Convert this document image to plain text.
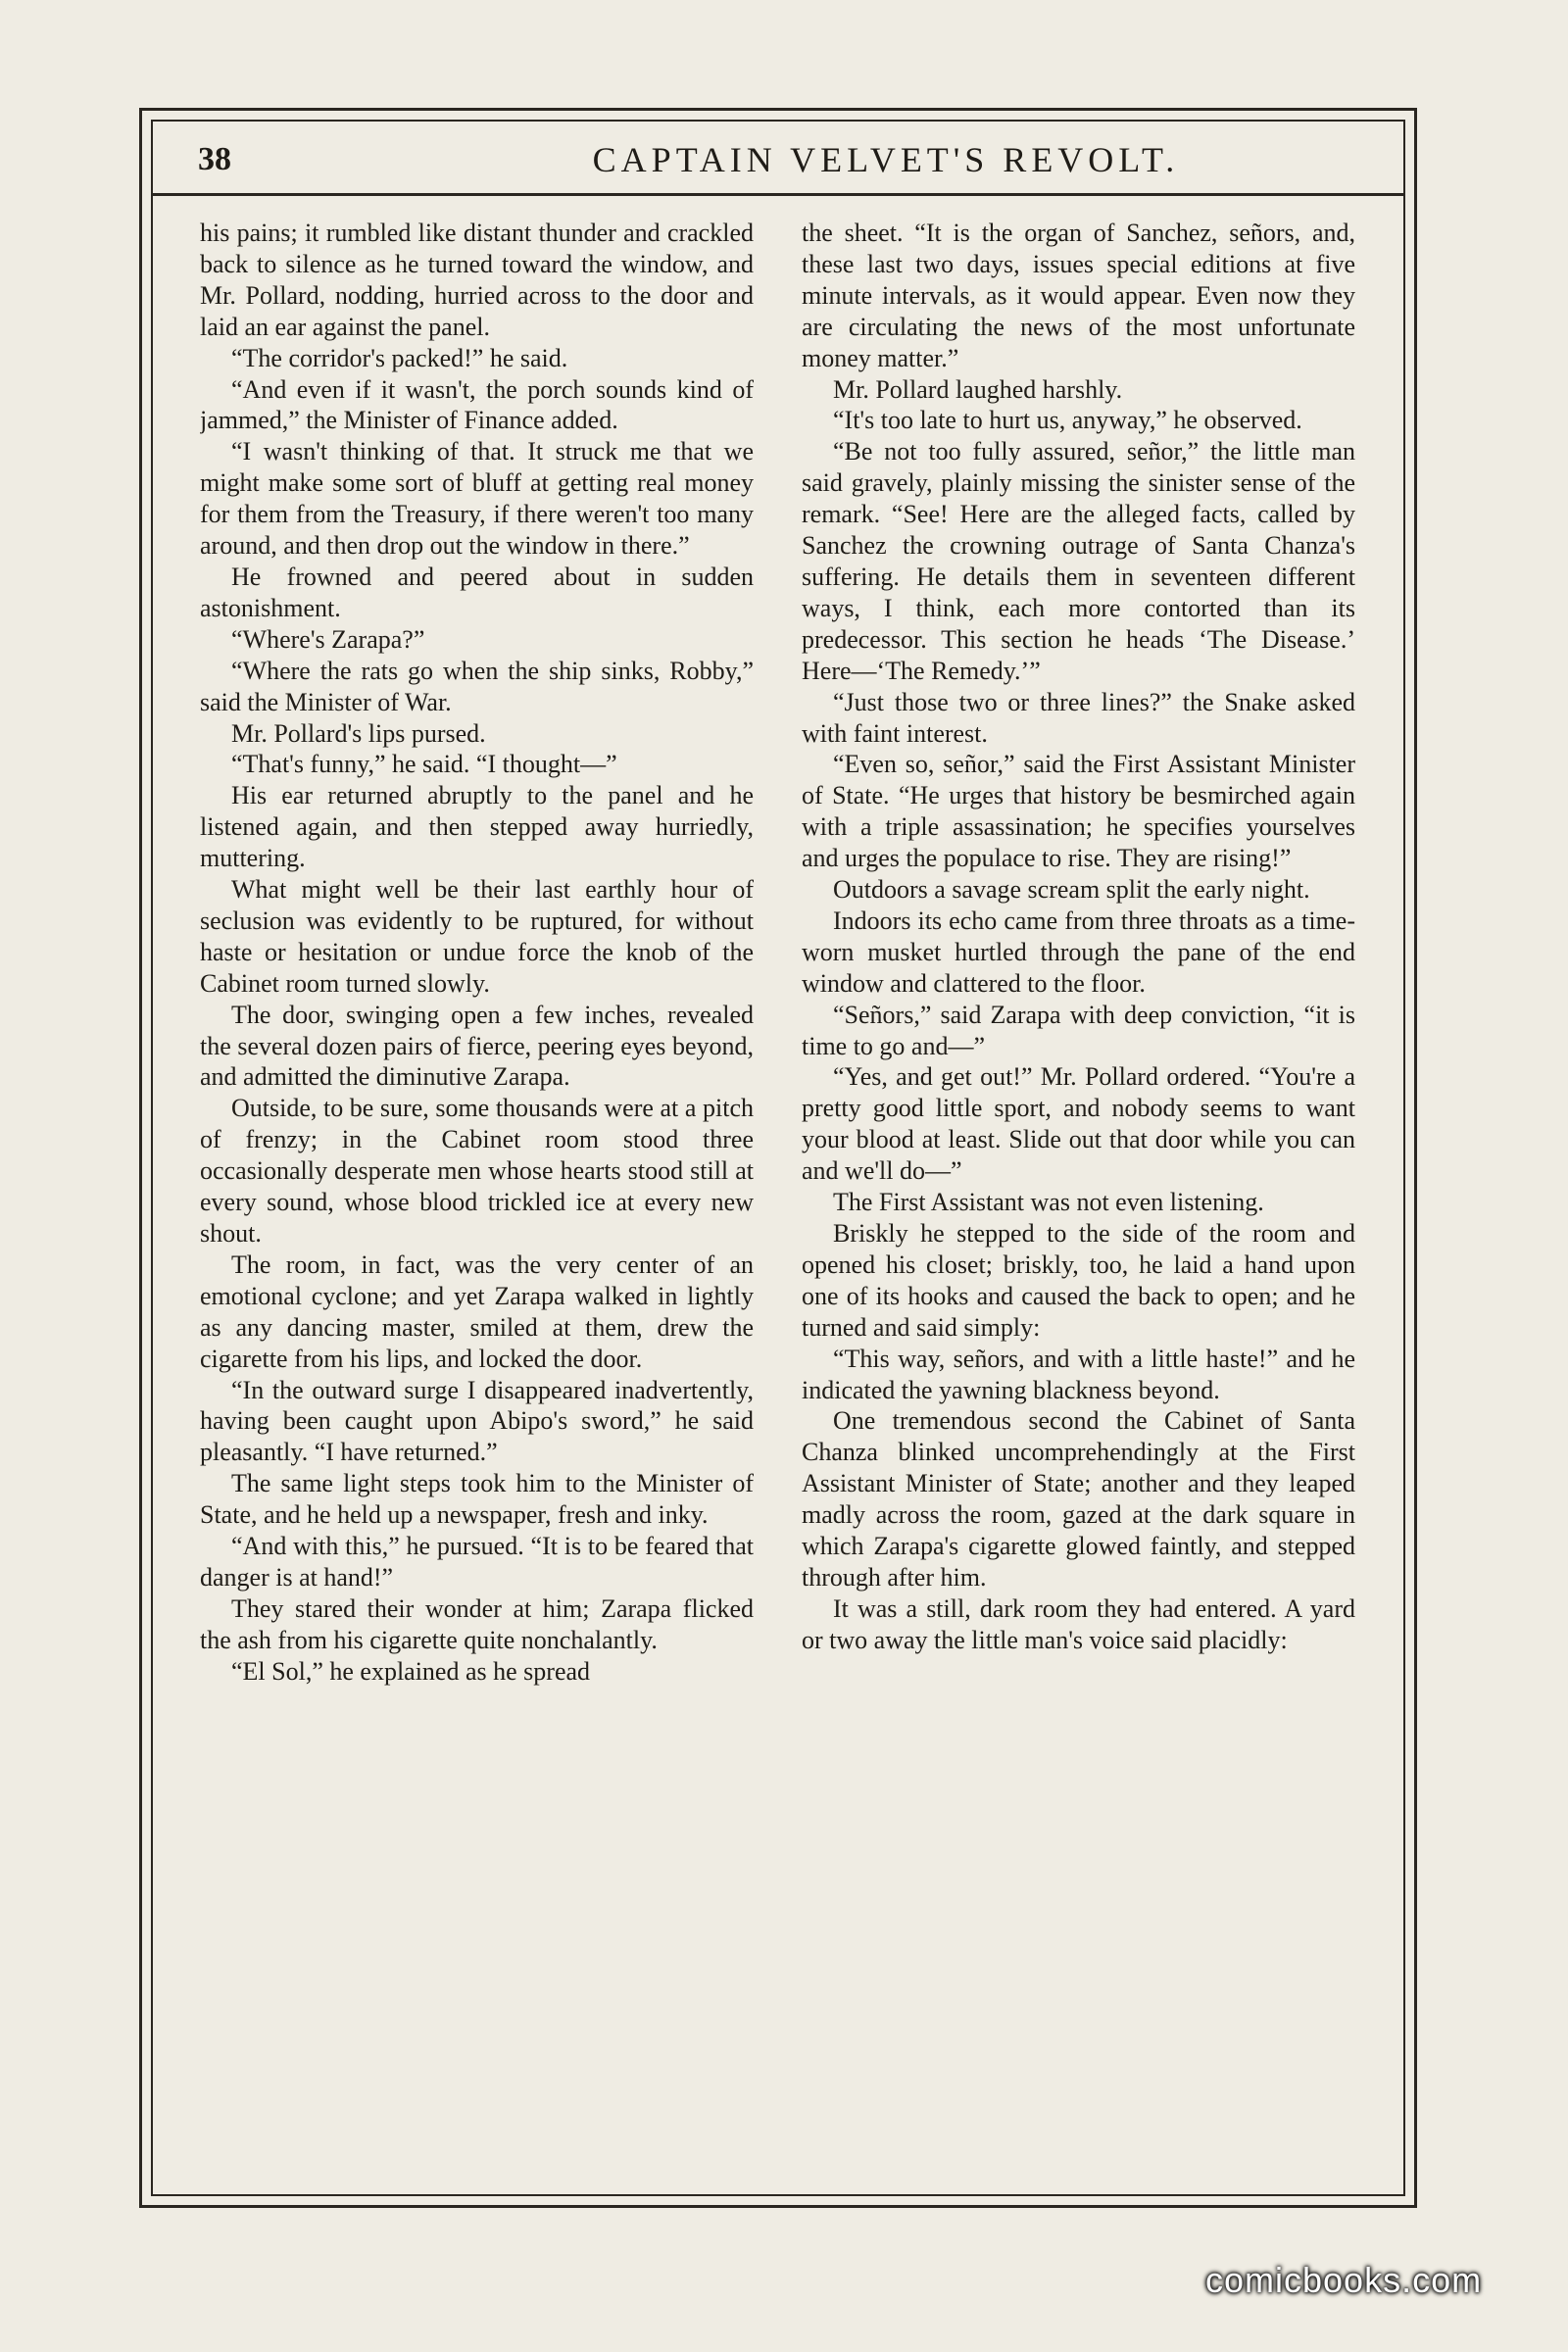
38	CAPTAIN VELVET'S REVOLT.

his pains; it rumbled like distant thunder and crackled back to silence as he turned toward the window, and Mr. Pollard, nodding, hurried across to the door and laid an ear against the panel.

“The corridor's packed!” he said.

“And even if it wasn't, the porch sounds kind of jammed,” the Minister of Finance added.

“I wasn't thinking of that. It struck me that we might make some sort of bluff at getting real money for them from the Treasury, if there weren't too many around, and then drop out the window in there.”

He frowned and peered about in sudden astonishment.

“Where's Zarapa?”

“Where the rats go when the ship sinks, Robby,” said the Minister of War.

Mr. Pollard's lips pursed.

“That's funny,” he said. “I thought—”

His ear returned abruptly to the panel and he listened again, and then stepped away hurriedly, muttering.

What might well be their last earthly hour of seclusion was evidently to be ruptured, for without haste or hesitation or undue force the knob of the Cabinet room turned slowly.

The door, swinging open a few inches, revealed the several dozen pairs of fierce, peering eyes beyond, and admitted the diminutive Zarapa.

Outside, to be sure, some thousands were at a pitch of frenzy; in the Cabinet room stood three occasionally desperate men whose hearts stood still at every sound, whose blood trickled ice at every new shout.

The room, in fact, was the very center of an emotional cyclone; and yet Zarapa walked in lightly as any dancing master, smiled at them, drew the cigarette from his lips, and locked the door.

“In the outward surge I disappeared inadvertently, having been caught upon Abipo's sword,” he said pleasantly. “I have returned.”

The same light steps took him to the Minister of State, and he held up a newspaper, fresh and inky.

“And with this,” he pursued. “It is to be feared that danger is at hand!”

They stared their wonder at him; Zarapa flicked the ash from his cigarette quite nonchalantly.

“El Sol,” he explained as he spread

the sheet. “It is the organ of Sanchez, señors, and, these last two days, issues special editions at five minute intervals, as it would appear. Even now they are circulating the news of the most unfortunate money matter.”

Mr. Pollard laughed harshly.

“It's too late to hurt us, anyway,” he observed.

“Be not too fully assured, señor,” the little man said gravely, plainly missing the sinister sense of the remark. “See! Here are the alleged facts, called by Sanchez the crowning outrage of Santa Chanza's suffering. He details them in seventeen different ways, I think, each more contorted than its predecessor. This section he heads ‘The Disease.’ Here—‘The Remedy.’”

“Just those two or three lines?” the Snake asked with faint interest.

“Even so, señor,” said the First Assistant Minister of State. “He urges that history be besmirched again with a triple assassination; he specifies yourselves and urges the populace to rise. They are rising!”

Outdoors a savage scream split the early night.

Indoors its echo came from three throats as a time-worn musket hurtled through the pane of the end window and clattered to the floor.

“Señors,” said Zarapa with deep conviction, “it is time to go and—”

“Yes, and get out!” Mr. Pollard ordered. “You're a pretty good little sport, and nobody seems to want your blood at least. Slide out that door while you can and we'll do—”

The First Assistant was not even listening.

Briskly he stepped to the side of the room and opened his closet; briskly, too, he laid a hand upon one of its hooks and caused the back to open; and he turned and said simply:

“This way, señors, and with a little haste!” and he indicated the yawning blackness beyond.

One tremendous second the Cabinet of Santa Chanza blinked uncomprehendingly at the First Assistant Minister of State; another and they leaped madly across the room, gazed at the dark square in which Zarapa's cigarette glowed faintly, and stepped through after him.

It was a still, dark room they had entered. A yard or two away the little man's voice said placidly:

comicbooks.com
